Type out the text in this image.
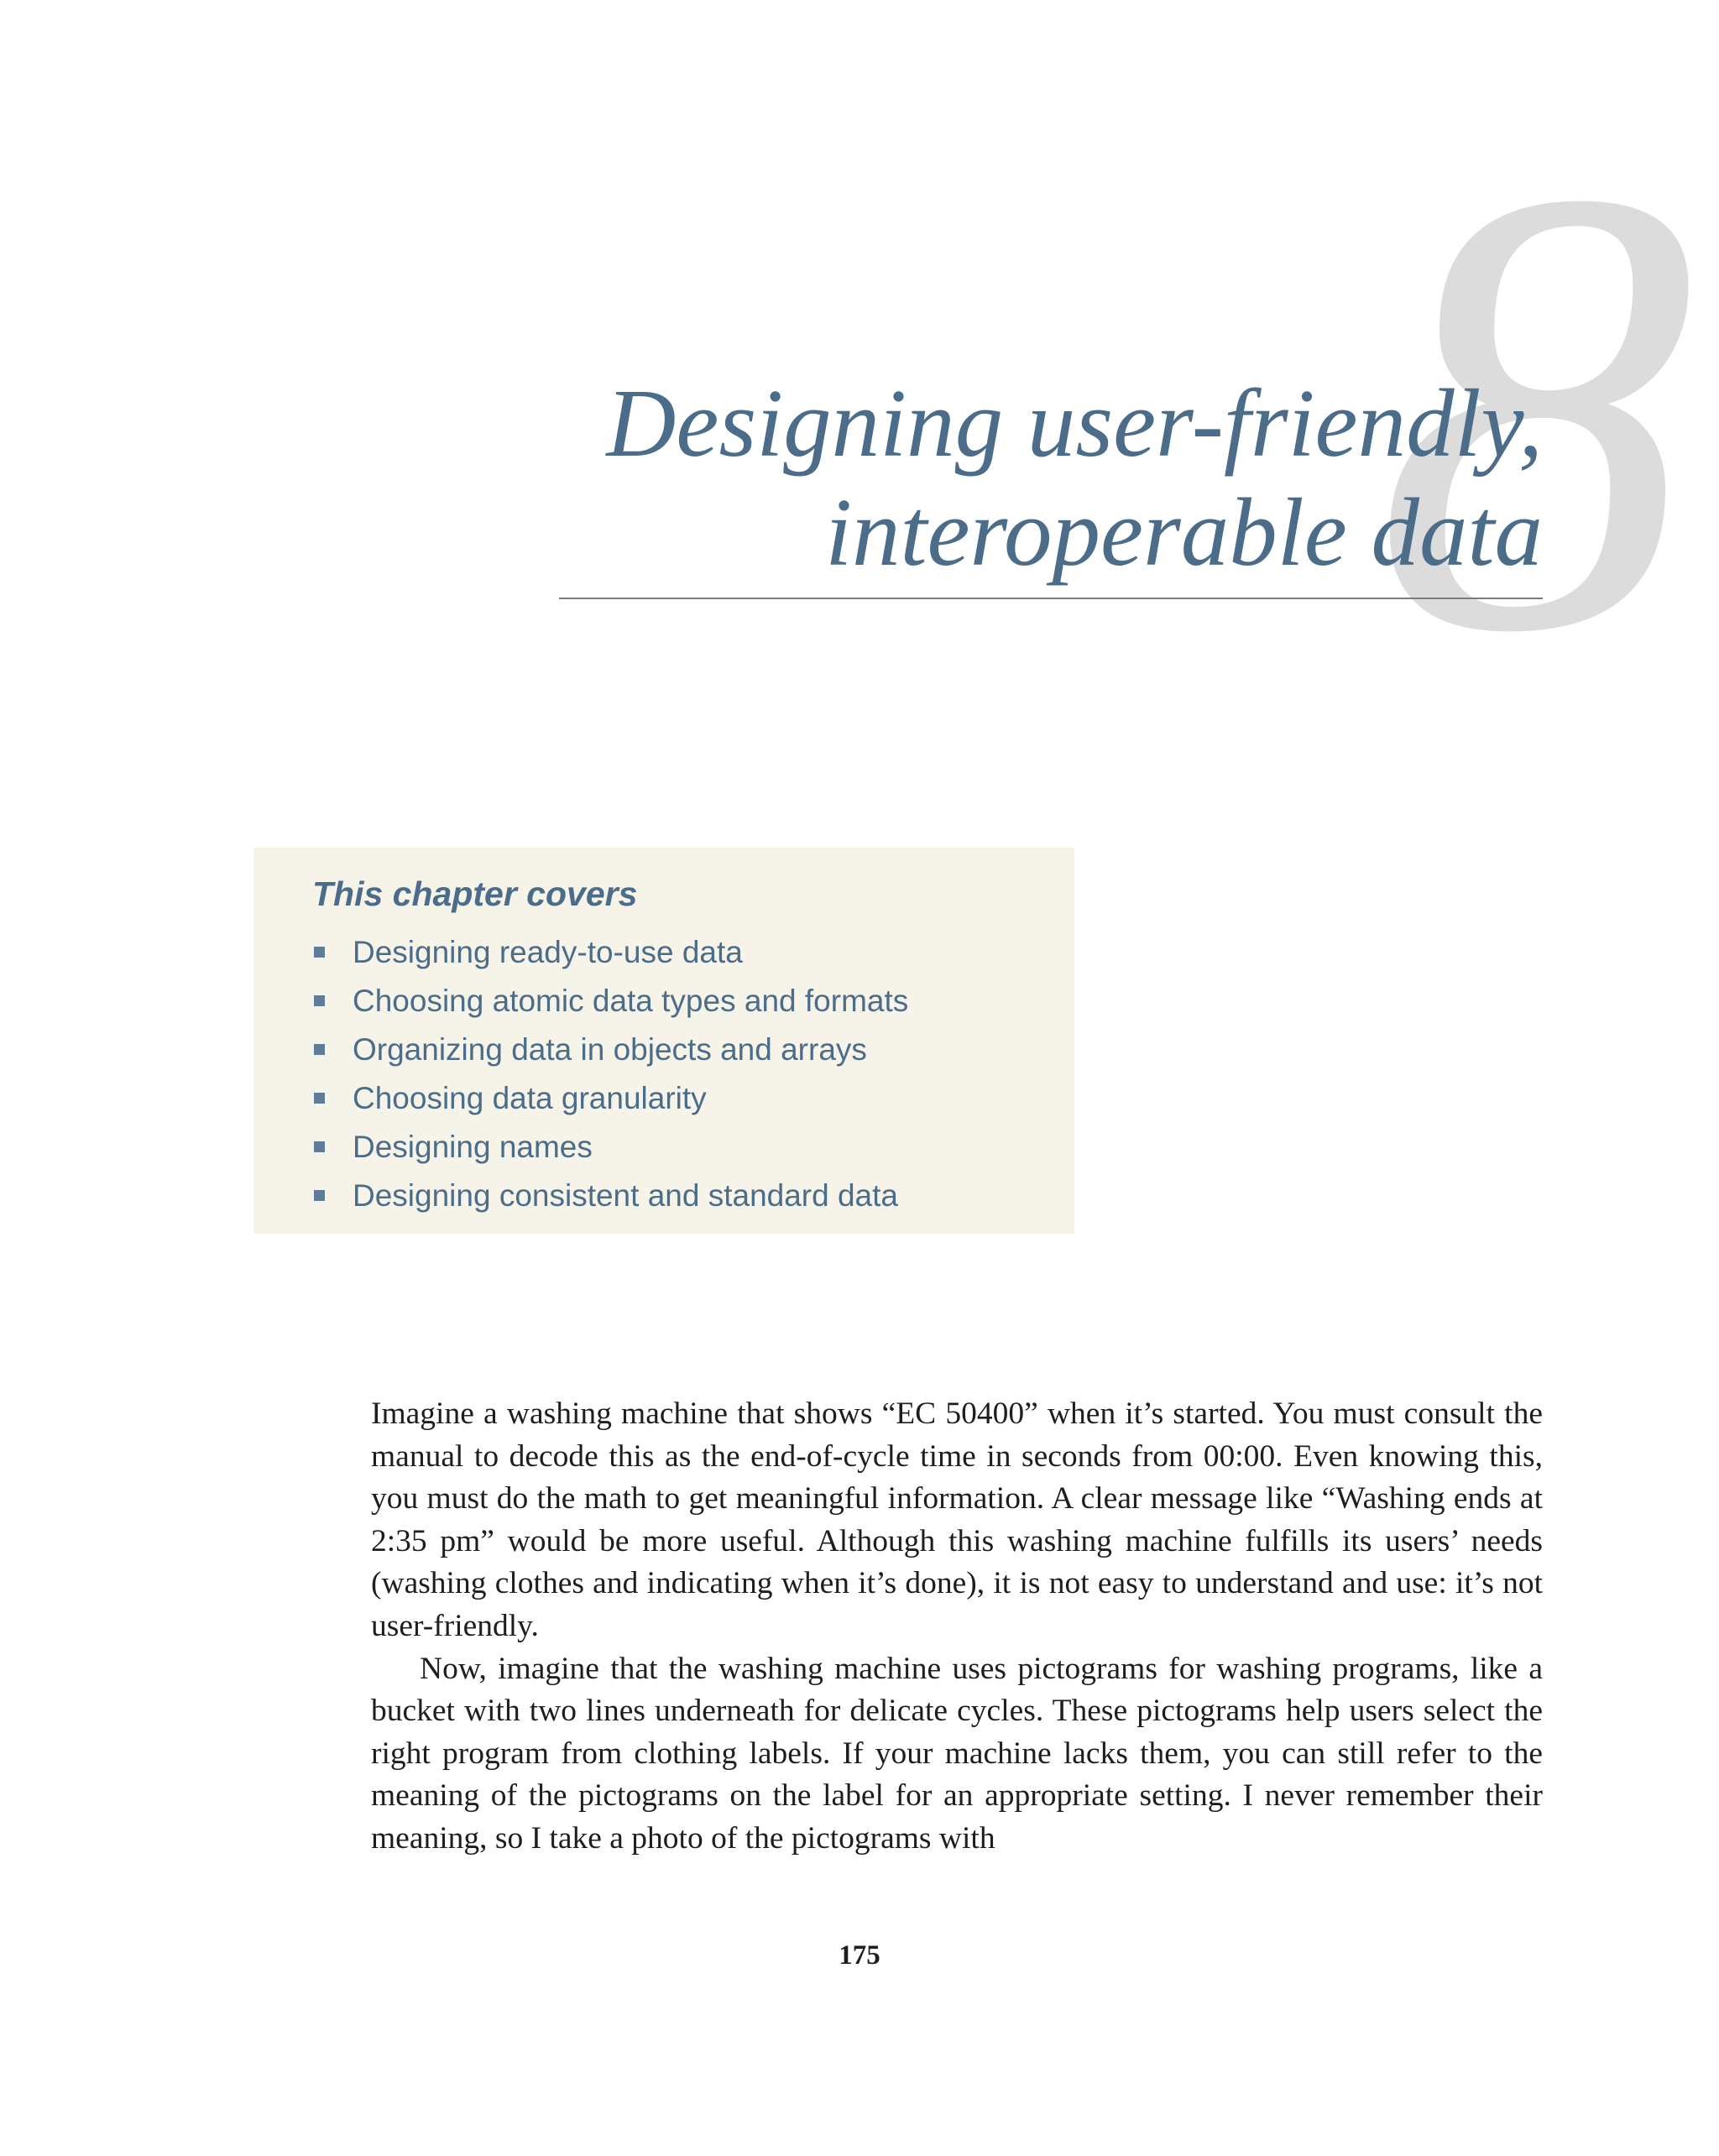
8
Designing user-friendly,
interoperable data
This chapter covers
Designing ready-to-use data
Choosing atomic data types and formats
Organizing data in objects and arrays
Choosing data granularity
Designing names
Designing consistent and standard data

Imagine a washing machine that shows “EC 50400” when it’s started. You must consult the manual to decode this as the end-of-cycle time in seconds from 00:00. Even knowing this, you must do the math to get meaningful information. A clear message like “Washing ends at 2:35 pm” would be more useful. Although this washing machine fulfills its users’ needs (washing clothes and indicating when it’s done), it is not easy to understand and use: it’s not user-friendly.

Now, imagine that the washing machine uses pictograms for washing programs, like a bucket with two lines underneath for delicate cycles. These pictograms help users select the right program from clothing labels. If your machine lacks them, you can still refer to the meaning of the pictograms on the label for an appropriate setting. I never remember their meaning, so I take a photo of the pictograms with

175
